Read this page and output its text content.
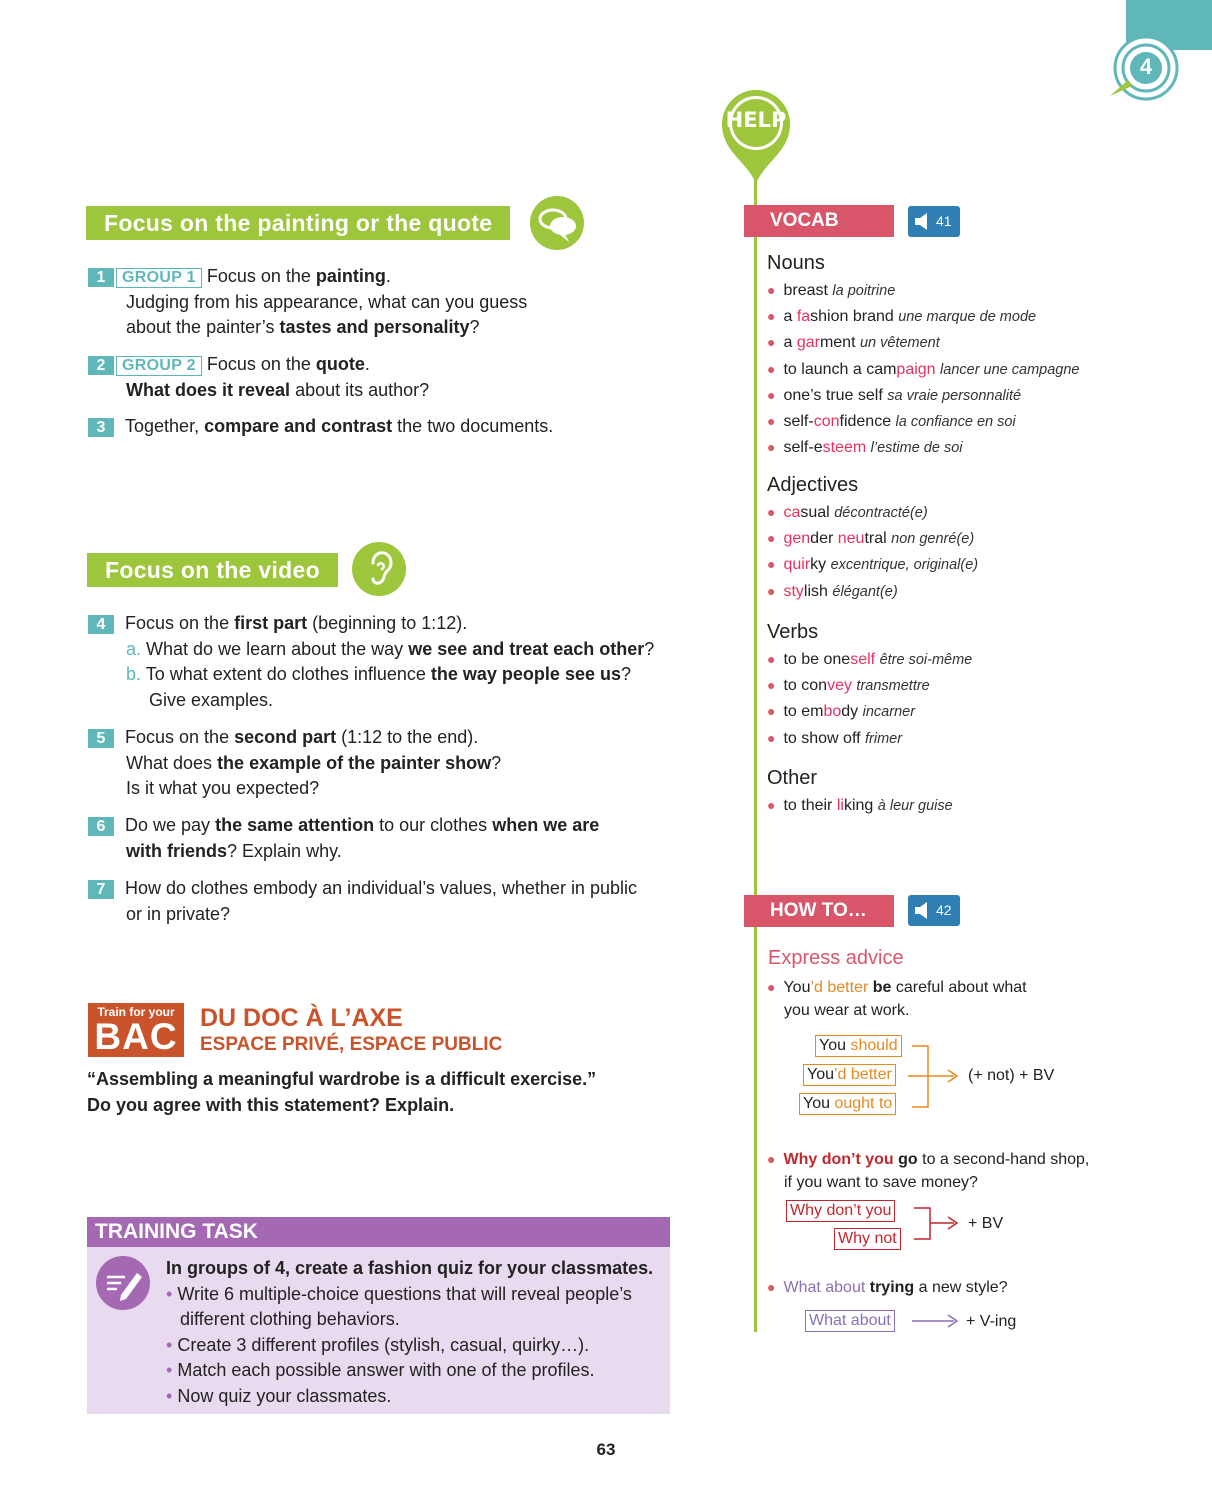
4
HELP
Focus on the painting or the quote
1 GROUP 1 Focus on the painting.
Judging from his appearance, what can you guess
about the painter’s tastes and personality?
2 GROUP 2 Focus on the quote.
What does it reveal about its author?
3 Together, compare and contrast the two documents.
Focus on the video
4 Focus on the first part (beginning to 1:12).
a. What do we learn about the way we see and treat each other?
b. To what extent do clothes influence the way people see us?
Give examples.
5 Focus on the second part (1:12 to the end).
What does the example of the painter show?
Is it what you expected?
6 Do we pay the same attention to our clothes when we are
with friends? Explain why.
7 How do clothes embody an individual’s values, whether in public
or in private?
Train for your
BAC DU DOC À L’AXE
ESPACE PRIVÉ, ESPACE PUBLIC
“Assembling a meaningful wardrobe is a difficult exercise.”
Do you agree with this statement? Explain.
TRAINING TASK
In groups of 4, create a fashion quiz for your classmates.
• Write 6 multiple-choice questions that will reveal people’s
different clothing behaviors.
• Create 3 different profiles (stylish, casual, quirky…).
• Match each possible answer with one of the profiles.
• Now quiz your classmates.
VOCAB	41
Nouns
● breast la poitrine
● a fashion brand une marque de mode
● a garment un vêtement
● to launch a campaign lancer une campagne
● one’s true self sa vraie personnalité
● self-confidence la confiance en soi
● self-esteem l’estime de soi
Adjectives
● casual décontracté(e)
● gender neutral non genré(e)
● quirky excentrique, original(e)
● stylish élégant(e)
Verbs
● to be oneself être soi-même
● to convey transmettre
● to embody incarner
● to show off frimer
Other
● to their liking à leur guise
HOW TO…	42
Express advice
● You’d better be careful about what
you wear at work.
You should
You’d better
You ought to
(+ not) + BV
● Why don’t you go to a second-hand shop,
if you want to save money?
Why don’t you
Why not
+ BV
● What about trying a new style?
What about	+ V-ing
63
